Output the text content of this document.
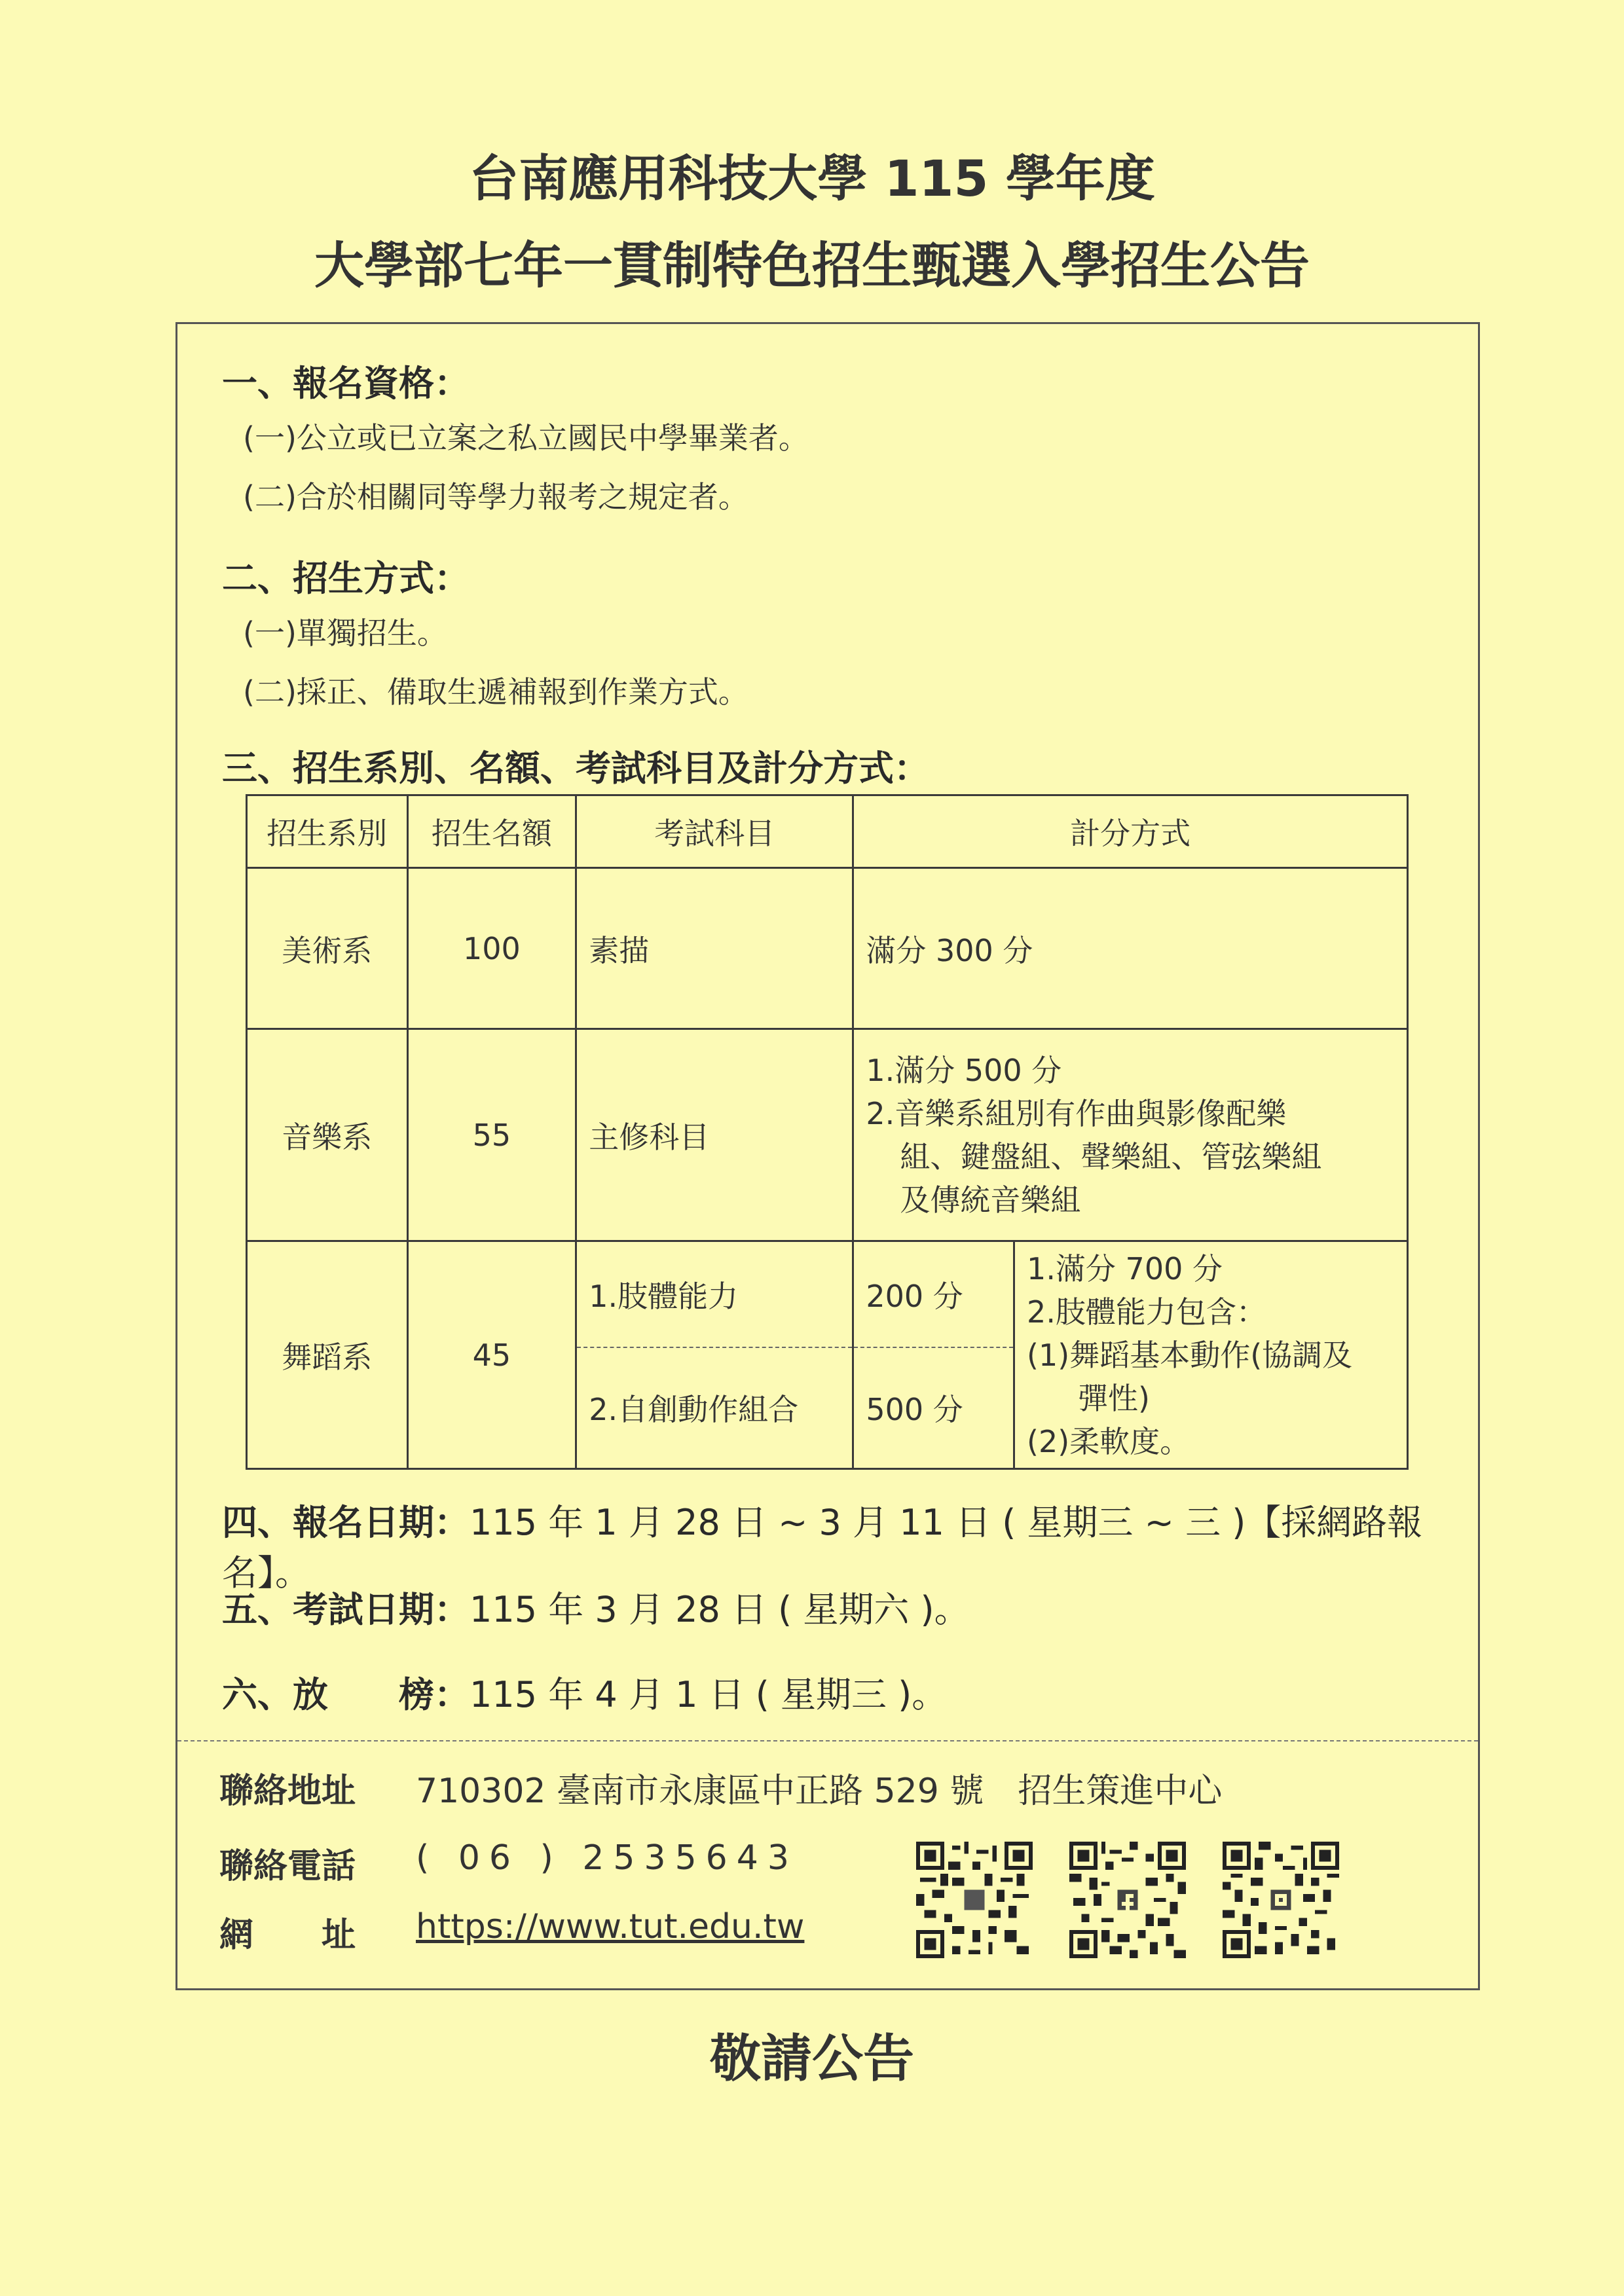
台南應用科技大學 115 學年度
大學部七年一貫制特色招生甄選入學招生公告
一、報名資格：
(一)公立或已立案之私立國民中學畢業者。
(二)合於相關同等學力報考之規定者。
二、招生方式：
(一)單獨招生。
(二)採正、備取生遞補報到作業方式。
三、招生系別、名額、考試科目及計分方式：
招生系別	招生名額	考試科目	計分方式	
美術系	100	素描	滿分 300 分	
音樂系	55	主修科目	1.滿分 500 分
2.音樂系組別有作曲與影像配樂
組、鍵盤組、聲樂組、管弦樂組
及傳統音樂組	

舞蹈系	45	1.肢體能力	200 分	1.滿分 700 分
2.肢體能力包含：
(1)舞蹈基本動作(協調及
彈性)
(2)柔軟度。

		2.自創動作組合	500 分	
四、報名日期：115 年 1 月 28 日 ~ 3 月 11 日 ( 星期三 ~ 三 )【採網路報名】。
五、考試日期：115 年 3 月 28 日 ( 星期六 )。
六、放　　榜：115 年 4 月 1 日 ( 星期三 )。
聯絡地址	710302 臺南市永康區中正路 529 號　招生策進中心
聯絡電話	( 06 ) 2535643
網　　址	https://www.tut.edu.tw
敬請公告
